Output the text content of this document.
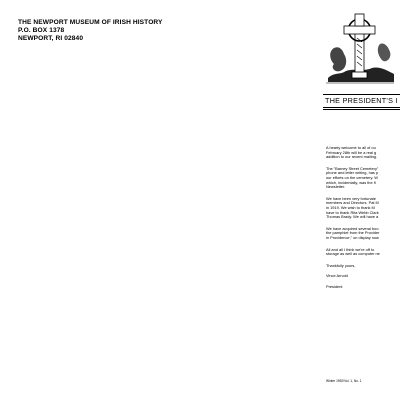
THE NEWPORT MUSEUM OF IRISH HISTORY
P.O. BOX 1378
NEWPORT, RI 02840
THE PRESIDENT'S I

A hearty welcome to all of ou
February 28th will be a real g
addition to our recent mailing.

The "Barney Street Cemetery"
phone and letter writing, has p
our efforts on the cemetery. W
which, incidentally, was the fi
Newsletter.

We have been very fortunate
members and Directors. Pat M
in 1919. We wish to thank M
have to thank Rita Webb Clark
Thomas Brady. We will have a

We have acquired several boo
the pamphlet from the Provider
in Providence," on display now

All and all I think we're off to
storage as well as computer ne

Thankfully yours,
Vince Arnold
President
Winter 1992/Vol. 1, No. 1
